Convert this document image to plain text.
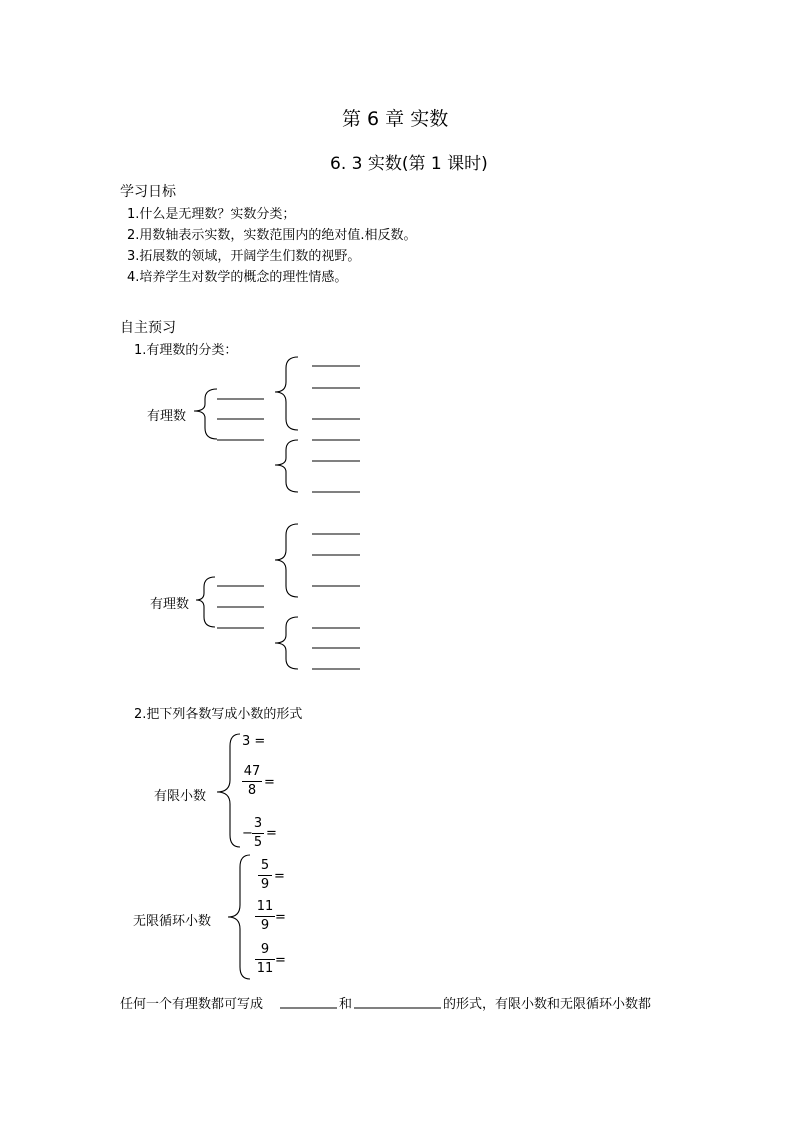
第 6 章 实数
6. 3 实数(第 1 课时)
学习日标
1.什么是无理数？实数分类；
2.用数轴表示实数，实数范围内的绝对值.相反数。
3.拓展数的领域，开阔学生们数的视野。
4.培养学生对数学的概念的理性情感。
自主预习
1.有理数的分类：
有理数
有理数
2.把下列各数写成小数的形式
有限小数
3 =
47
8
=
−
3
5
=
无限循环小数
5
9
=
11
9
=
9
11
=
任何一个有理数都可写成	和	的形式，有限小数和无限循环小数都
